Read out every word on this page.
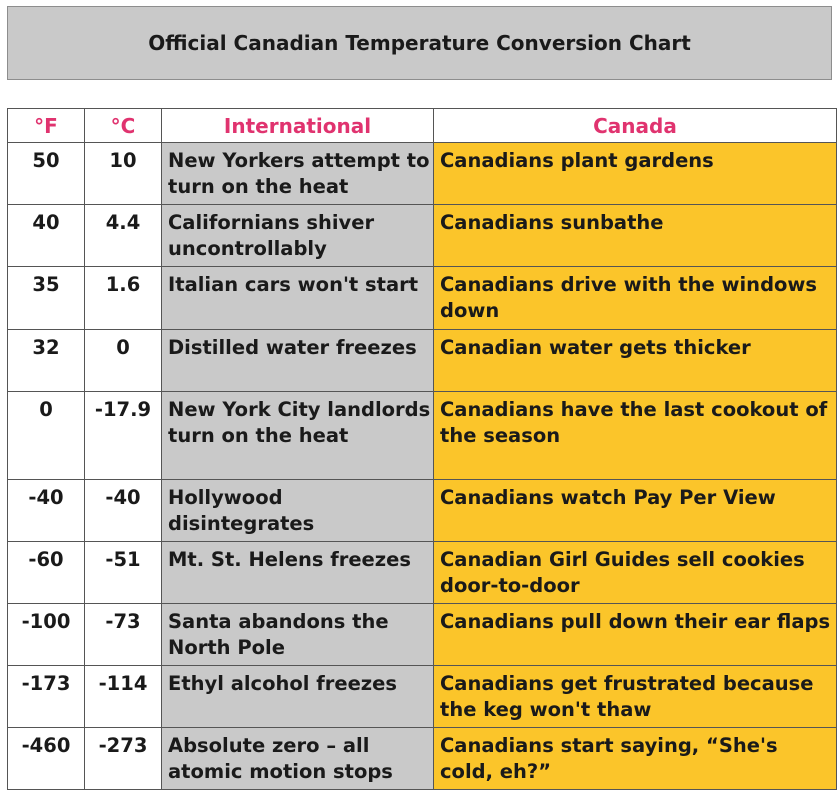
Official Canadian Temperature Conversion Chart
°F	°C	International	Canada
50	10	New Yorkers attempt to turn on the heat	Canadians plant gardens
40	4.4	Californians shiver uncontrollably	Canadians sunbathe
35	1.6	Italian cars won't start	Canadians drive with the windows down
32	0	Distilled water freezes	Canadian water gets thicker
0	-17.9	New York City landlords turn on the heat	Canadians have the last cookout of the season
-40	-40	Hollywood disintegrates	Canadians watch Pay Per View
-60	-51	Mt. St. Helens freezes	Canadian Girl Guides sell cookies door-to-door
-100	-73	Santa abandons the North Pole	Canadians pull down their ear flaps
-173	-114	Ethyl alcohol freezes	Canadians get frustrated because the keg won't thaw
-460	-273	Absolute zero – all atomic motion stops	Canadians start saying, “She's cold, eh?”
